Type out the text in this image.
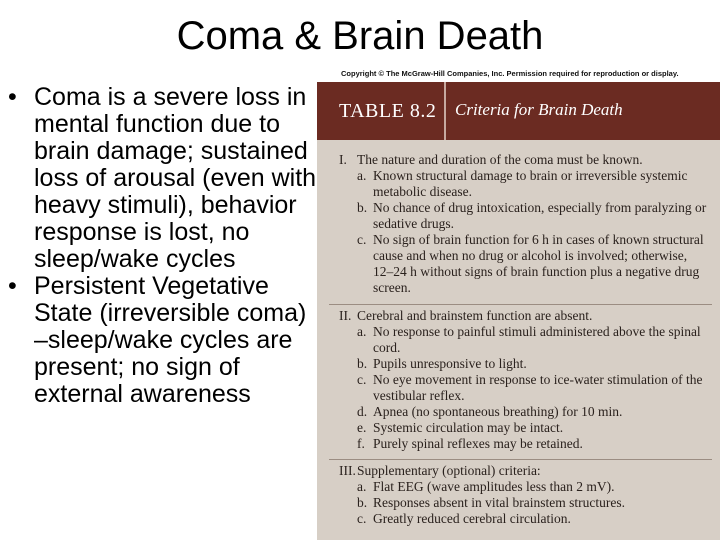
Coma & Brain Death
• Coma is a severe loss in mental function due to brain damage; sustained loss of arousal (even with heavy stimuli), behavior response is lost, no sleep/wake cycles
• Persistent Vegetative State (irreversible coma) –sleep/wake cycles are present; no sign of external awareness
Copyright © The McGraw-Hill Companies, Inc. Permission required for reproduction or display.
TABLE 8.2 Criteria for Brain Death
I. The nature and duration of the coma must be known.
a. Known structural damage to brain or irreversible systemic metabolic disease.
b. No chance of drug intoxication, especially from paralyzing or sedative drugs.
c. No sign of brain function for 6 h in cases of known structural cause and when no drug or alcohol is involved; otherwise, 12–24 h without signs of brain function plus a negative drug screen.
II. Cerebral and brainstem function are absent.
a. No response to painful stimuli administered above the spinal cord.
b. Pupils unresponsive to light.
c. No eye movement in response to ice-water stimulation of the vestibular reflex.
d. Apnea (no spontaneous breathing) for 10 min.
e. Systemic circulation may be intact.
f. Purely spinal reflexes may be retained.
III. Supplementary (optional) criteria:
a. Flat EEG (wave amplitudes less than 2 mV).
b. Responses absent in vital brainstem structures.
c. Greatly reduced cerebral circulation.
